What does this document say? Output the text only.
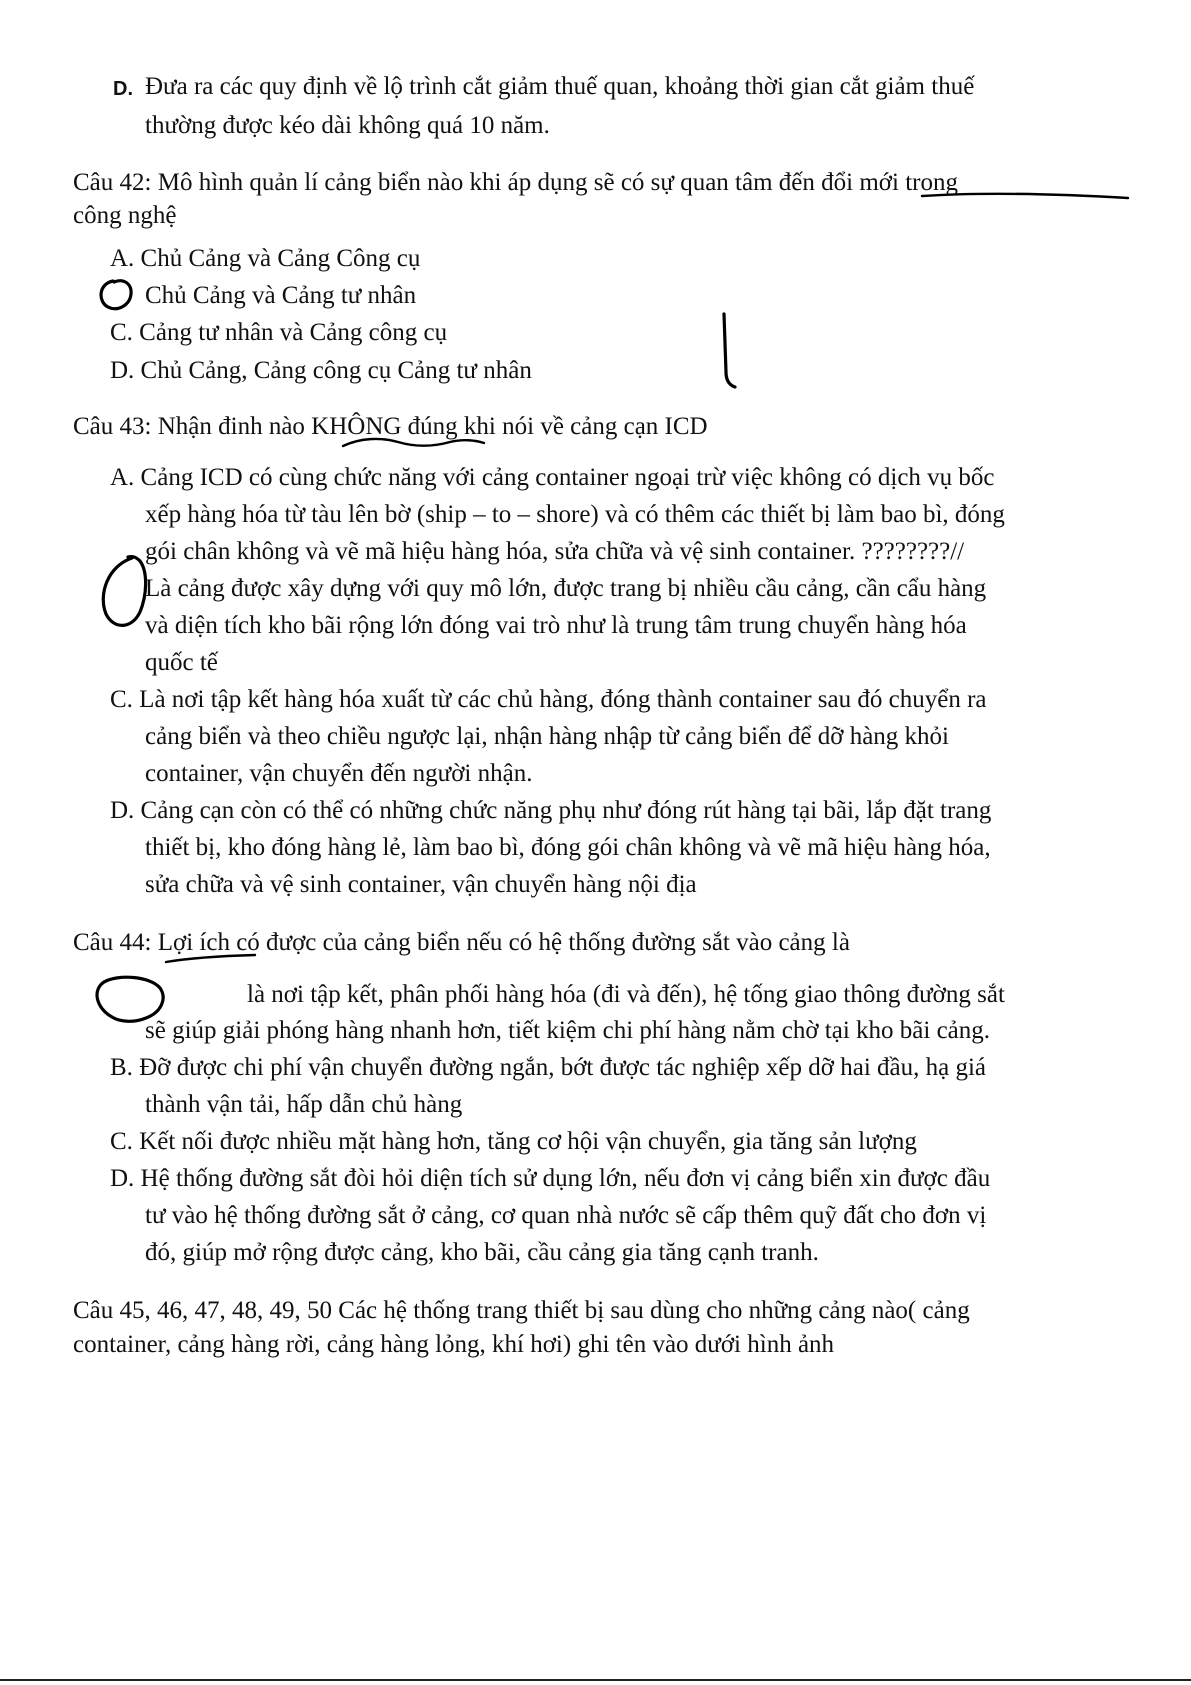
D. Đưa ra các quy định về lộ trình cắt giảm thuế quan, khoảng thời gian cắt giảm thuế
thường được kéo dài không quá 10 năm.
Câu 42: Mô hình quản lí cảng biển nào khi áp dụng sẽ có sự quan tâm đến đổi mới trong
công nghệ
A. Chủ Cảng và Cảng Công cụ
Chủ Cảng và Cảng tư nhân
C. Cảng tư nhân và Cảng công cụ
D. Chủ Cảng, Cảng công cụ Cảng tư nhân
Câu 43: Nhận đinh nào KHÔNG đúng khi nói về cảng cạn ICD
A. Cảng ICD có cùng chức năng với cảng container ngoại trừ việc không có dịch vụ bốc
xếp hàng hóa từ tàu lên bờ (ship – to – shore) và có thêm các thiết bị làm bao bì, đóng
gói chân không và vẽ mã hiệu hàng hóa, sửa chữa và vệ sinh container. ????????//
Là cảng được xây dựng với quy mô lớn, được trang bị nhiều cầu cảng, cần cẩu hàng
và diện tích kho bãi rộng lớn đóng vai trò như là trung tâm trung chuyển hàng hóa
quốc tế
C. Là nơi tập kết hàng hóa xuất từ các chủ hàng, đóng thành container sau đó chuyển ra
cảng biển và theo chiều ngược lại, nhận hàng nhập từ cảng biển để dỡ hàng khỏi
container, vận chuyển đến người nhận.
D. Cảng cạn còn có thể có những chức năng phụ như đóng rút hàng tại bãi, lắp đặt trang
thiết bị, kho đóng hàng lẻ, làm bao bì, đóng gói chân không và vẽ mã hiệu hàng hóa,
sửa chữa và vệ sinh container, vận chuyển hàng nội địa
Câu 44: Lợi ích có được của cảng biển nếu có hệ thống đường sắt vào cảng là
là nơi tập kết, phân phối hàng hóa (đi và đến), hệ tống giao thông đường sắt
sẽ giúp giải phóng hàng nhanh hơn, tiết kiệm chi phí hàng nằm chờ tại kho bãi cảng.
B. Đỡ được chi phí vận chuyển đường ngắn, bớt được tác nghiệp xếp dỡ hai đầu, hạ giá
thành vận tải, hấp dẫn chủ hàng
C. Kết nối được nhiều mặt hàng hơn, tăng cơ hội vận chuyển, gia tăng sản lượng
D. Hệ thống đường sắt đòi hỏi diện tích sử dụng lớn, nếu đơn vị cảng biển xin được đầu
tư vào hệ thống đường sắt ở cảng, cơ quan nhà nước sẽ cấp thêm quỹ đất cho đơn vị
đó, giúp mở rộng được cảng, kho bãi, cầu cảng gia tăng cạnh tranh.
Câu 45, 46, 47, 48, 49, 50 Các hệ thống trang thiết bị sau dùng cho những cảng nào( cảng
container, cảng hàng rời, cảng hàng lỏng, khí hơi) ghi tên vào dưới hình ảnh
